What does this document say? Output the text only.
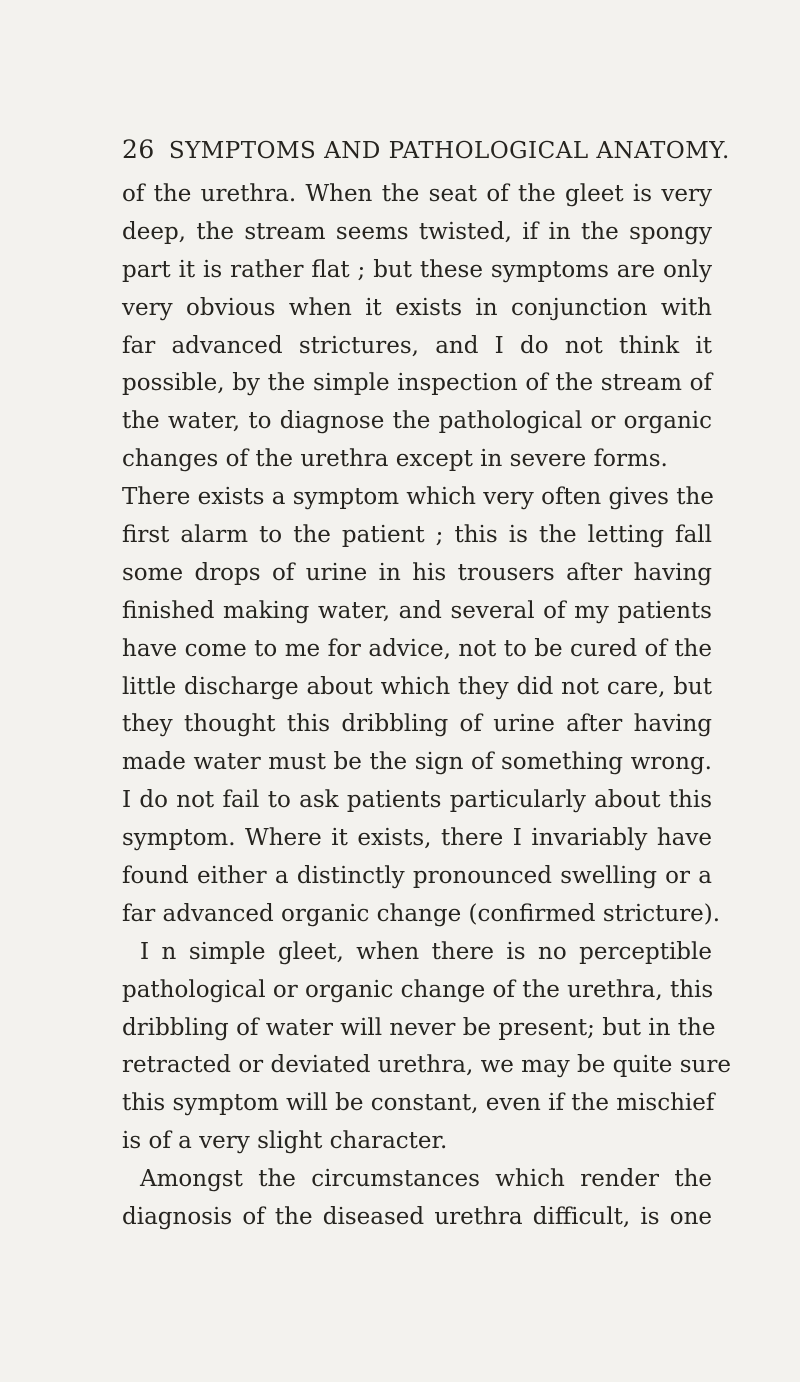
26 SYMPTOMS AND PATHOLOGICAL ANATOMY.
of the urethra. When the seat of the gleet is very
deep, the stream seems twisted, if in the spongy
part it is rather flat ; but these symptoms are only
very obvious when it exists in conjunction with
far advanced strictures, and I do not think it
possible, by the simple inspection of the stream of
the water, to diagnose the pathological or organic
changes of the urethra except in severe forms.
There exists a symptom which very often gives the
first alarm to the patient ; this is the letting fall
some drops of urine in his trousers after having
finished making water, and several of my patients
have come to me for advice, not to be cured of the
little discharge about which they did not care, but
they thought this dribbling of urine after having
made water must be the sign of something wrong.
I do not fail to ask patients particularly about this
symptom. Where it exists, there I invariably have
found either a distinctly pronounced swelling or a
far advanced organic change (confirmed stricture).
I n simple gleet, when there is no perceptible
pathological or organic change of the urethra, this
dribbling of water will never be present; but in the
retracted or deviated urethra, we may be quite sure
this symptom will be constant, even if the mischief
is of a very slight character.
Amongst the circumstances which render the
diagnosis of the diseased urethra difficult, is one
